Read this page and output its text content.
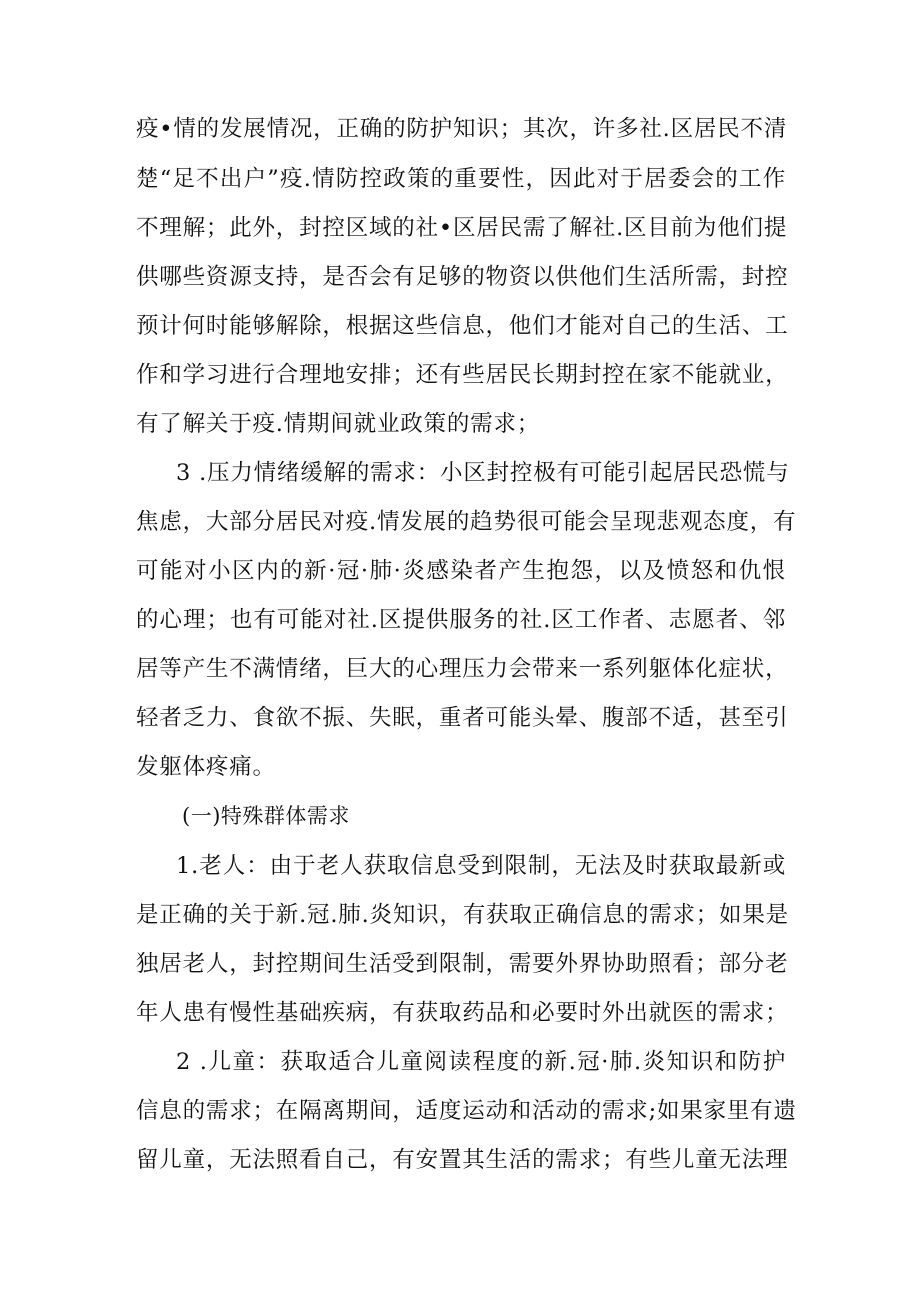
疫•情的发展情况，正确的防护知识；其次，许多社.区居民不清
楚“足不出户”疫.情防控政策的重要性，因此对于居委会的工作
不理解；此外，封控区域的社•区居民需了解社.区目前为他们提
供哪些资源支持，是否会有足够的物资以供他们生活所需，封控
预计何时能够解除，根据这些信息，他们才能对自己的生活、工
作和学习进行合理地安排；还有些居民长期封控在家不能就业，
有了解关于疫.情期间就业政策的需求；
3 .压力情绪缓解的需求：小区封控极有可能引起居民恐慌与
焦虑，大部分居民对疫.情发展的趋势很可能会呈现悲观态度，有
可能对小区内的新·冠·肺·炎感染者产生抱怨，以及愤怒和仇恨
的心理；也有可能对社.区提供服务的社.区工作者、志愿者、邻
居等产生不满情绪，巨大的心理压力会带来一系列躯体化症状，
轻者乏力、食欲不振、失眠，重者可能头晕、腹部不适，甚至引
发躯体疼痛。
(一)特殊群体需求
1.老人：由于老人获取信息受到限制，无法及时获取最新或
是正确的关于新.冠.肺.炎知识，有获取正确信息的需求；如果是
独居老人，封控期间生活受到限制，需要外界协助照看；部分老
年人患有慢性基础疾病，有获取药品和必要时外出就医的需求；
2 .儿童：获取适合儿童阅读程度的新.冠·肺.炎知识和防护
信息的需求；在隔离期间，适度运动和活动的需求;如果家里有遗
留儿童，无法照看自己，有安置其生活的需求；有些儿童无法理
